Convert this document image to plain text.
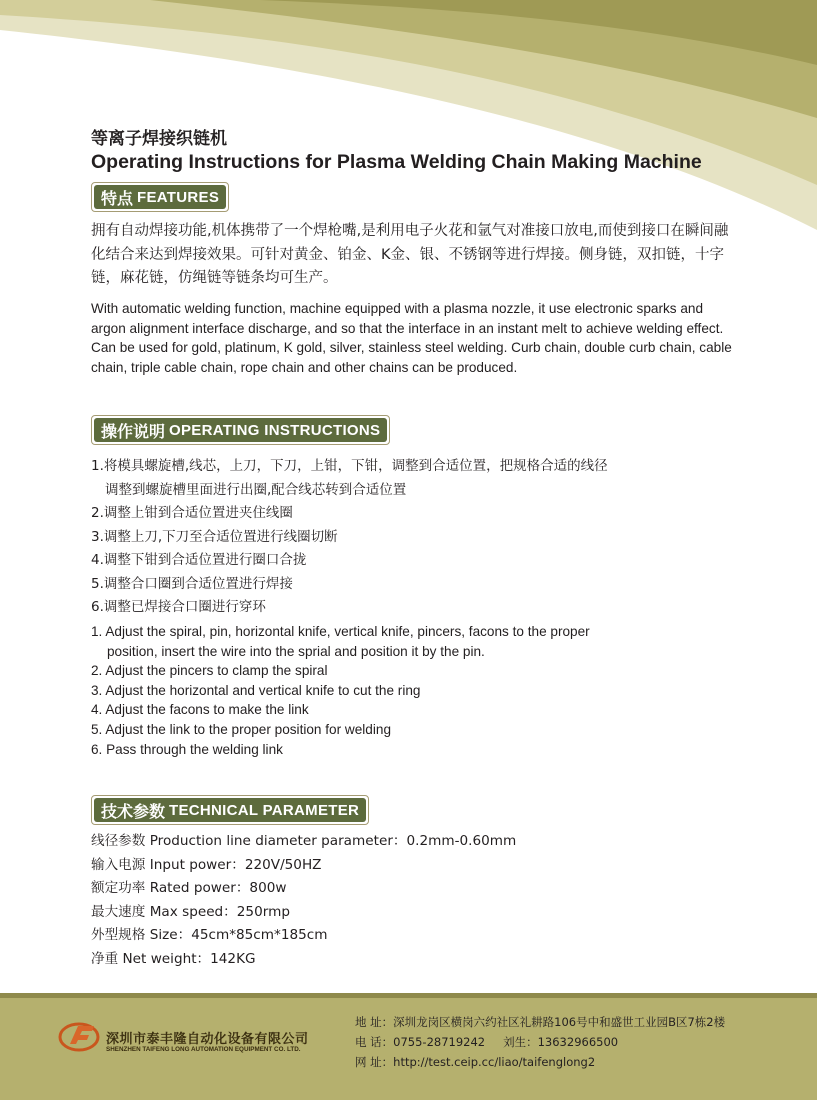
等离子焊接织链机
Operating Instructions for Plasma Welding Chain Making Machine
特点 FEATURES

拥有自动焊接功能,机体携带了一个焊枪嘴,是利用电子火花和氩气对准接口放电,而使到接口在瞬间融化结合来达到焊接效果。可针对黄金、铂金、K金、银、不锈钢等进行焊接。侧身链，双扣链，十字链，麻花链，仿绳链等链条均可生产。

With automatic welding function, machine equipped with a plasma nozzle, it use electronic sparks and argon alignment interface discharge, and so that the interface in an instant melt to achieve welding effect. Can be used for gold, platinum, K gold, silver, stainless steel welding. Curb chain, double curb chain, cable chain, triple cable chain, rope chain and other chains can be produced.

操作说明 OPERATING INSTRUCTIONS
1.将模具螺旋槽,线芯，上刀，下刀，上钳，下钳，调整到合适位置，把规格合适的线径
调整到螺旋槽里面进行出圈,配合线芯转到合适位置
2.调整上钳到合适位置进夹住线圈
3.调整上刀,下刀至合适位置进行线圈切断
4.调整下钳到合适位置进行圈口合拢
5.调整合口圈到合适位置进行焊接
6.调整已焊接合口圈进行穿环
1. Adjust the spiral, pin, horizontal knife, vertical knife, pincers, facons to the proper
position, insert the wire into the sprial and position it by the pin.
2. Adjust the pincers to clamp the spiral
3. Adjust the horizontal and vertical knife to cut the ring
4. Adjust the facons to make the link
5. Adjust the link to the proper position for welding
6. Pass through the welding link
技术参数 TECHNICAL PARAMETER
线径参数 Production line diameter parameter：0.2mm-0.60mm
输入电源 Input power：220V/50HZ
额定功率 Rated power：800w
最大速度 Max speed：250rmp
外型规格 Size：45cm*85cm*185cm
净重 Net weight：142KG
深圳市泰丰隆自动化设备有限公司
SHENZHEN TAIFENG LONG AUTOMATION EQUIPMENT CO. LTD.
地 址：深圳龙岗区横岗六约社区礼耕路106号中和盛世工业园B区7栋2楼
电 话：0755-28719242 刘生：13632966500
网 址：http://test.ceip.cc/liao/taifenglong2
